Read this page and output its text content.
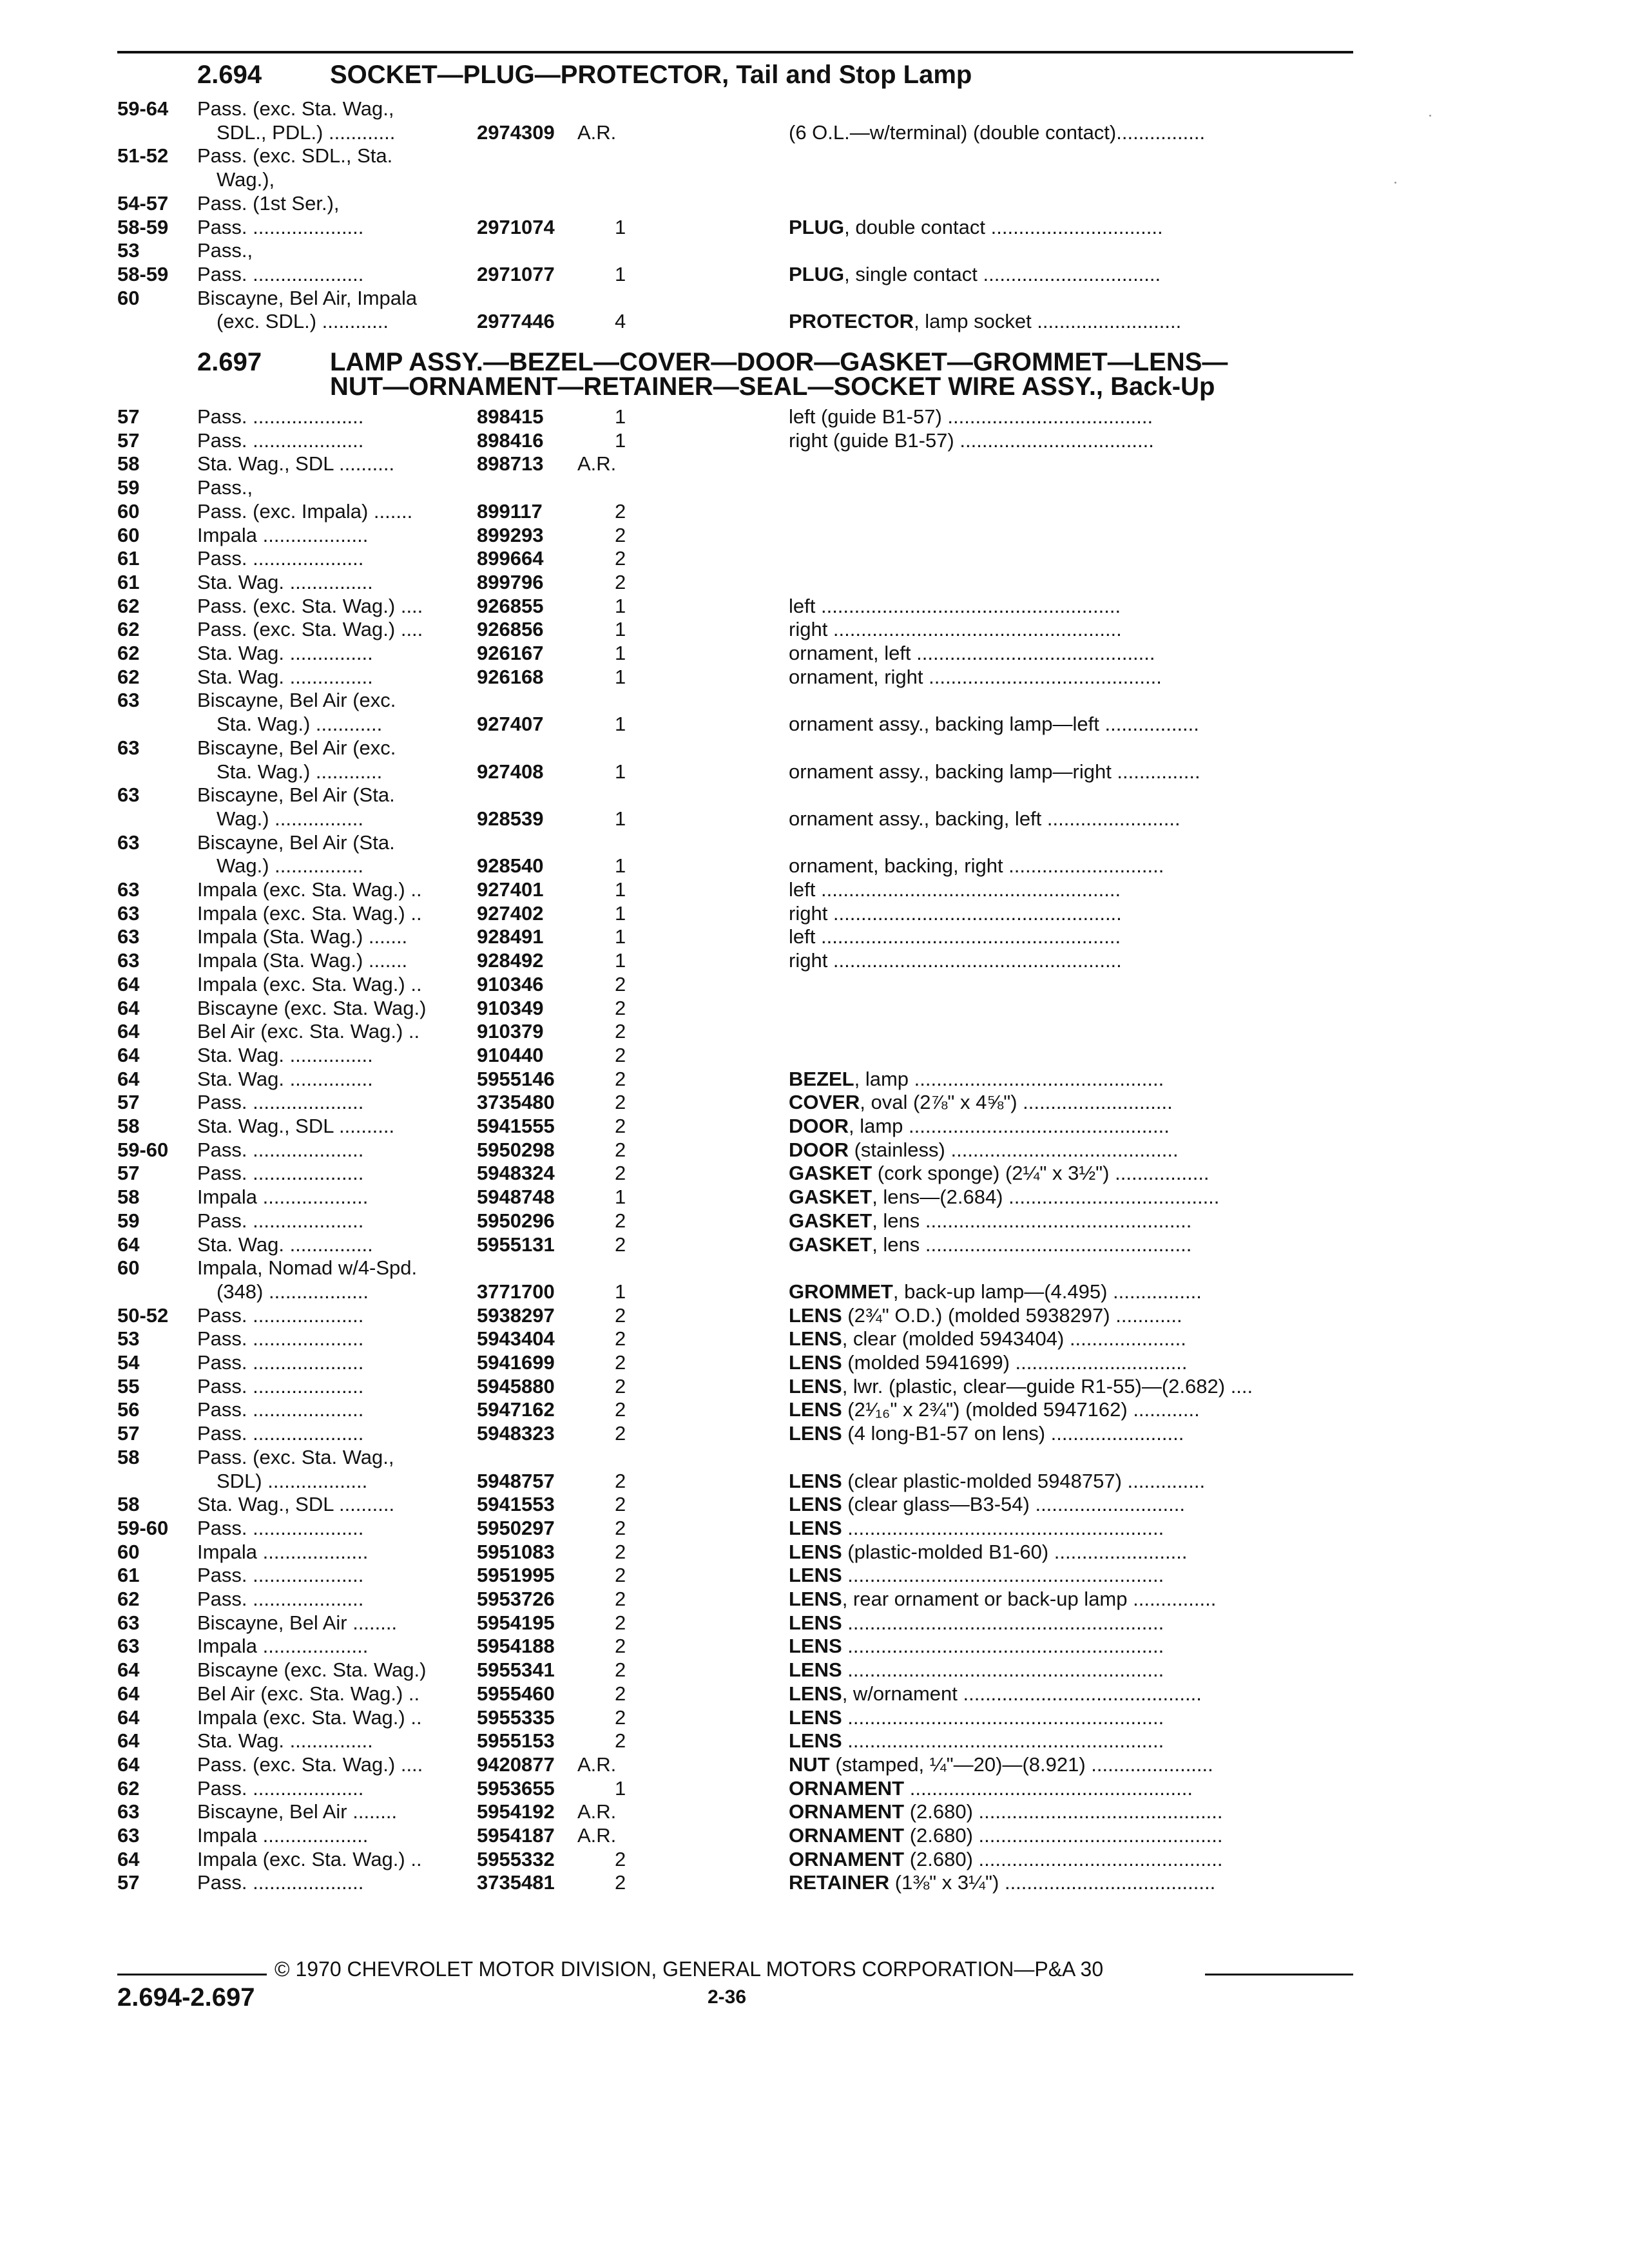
2.694	SOCKET—PLUG—PROTECTOR, Tail and Stop Lamp
2.697	LAMP ASSY.—BEZEL—COVER—DOOR—GASKET—GROMMET—LENS—
NUT—ORNAMENT—RETAINER—SEAL—SOCKET WIRE ASSY., Back-Up
59-64	Pass. (exc. Sta. Wag.,
SDL., PDL.) ............	2974309 A.R.	(6 O.L.—w/terminal) (double contact)................
51-52	Pass. (exc. SDL., Sta.
Wag.),
54-57	Pass. (1st Ser.),
58-59	Pass. ....................	2971074	1	PLUG, double contact ...............................
53	Pass.,
58-59	Pass. ....................	2971077	1	PLUG, single contact ................................
60	Biscayne, Bel Air, Impala
(exc. SDL.) ............	2977446	4	PROTECTOR, lamp socket ..........................
57	Pass. ....................	898415	1	left (guide B1-57) .....................................
57	Pass. ....................	898416	1	right (guide B1-57) ...................................
58	Sta. Wag., SDL ..........	898713 A.R.
59	Pass.,
60	Pass. (exc. Impala) .......	899117	2
60	Impala ...................	899293	2
61	Pass. ....................	899664	2
61	Sta. Wag. ...............	899796	2
62	Pass. (exc. Sta. Wag.) ....	926855	1	left ......................................................
62	Pass. (exc. Sta. Wag.) ....	926856	1	right ....................................................
62	Sta. Wag. ...............	926167	1	ornament, left ...........................................
62	Sta. Wag. ...............	926168	1	ornament, right ..........................................
63	Biscayne, Bel Air (exc.
Sta. Wag.) ............	927407	1	ornament assy., backing lamp—left .................
63	Biscayne, Bel Air (exc.
Sta. Wag.) ............	927408	1	ornament assy., backing lamp—right ...............
63	Biscayne, Bel Air (Sta.
Wag.) ................	928539	1	ornament assy., backing, left ........................
63	Biscayne, Bel Air (Sta.
Wag.) ................	928540	1	ornament, backing, right ............................
63	Impala (exc. Sta. Wag.) ..	927401	1	left ......................................................
63	Impala (exc. Sta. Wag.) ..	927402	1	right ....................................................
63	Impala (Sta. Wag.) .......	928491	1	left ......................................................
63	Impala (Sta. Wag.) .......	928492	1	right ....................................................
64	Impala (exc. Sta. Wag.) ..	910346	2
64	Biscayne (exc. Sta. Wag.)	910349	2
64	Bel Air (exc. Sta. Wag.) ..	910379	2
64	Sta. Wag. ...............	910440	2
64	Sta. Wag. ...............	5955146	2	BEZEL, lamp .............................................
57	Pass. ....................	3735480	2	COVER, oval (2⅞" x 4⅝") ...........................
58	Sta. Wag., SDL ..........	5941555	2	DOOR, lamp ...............................................
59-60	Pass. ....................	5950298	2	DOOR (stainless) .........................................
57	Pass. ....................	5948324	2	GASKET (cork sponge) (2¼" x 3½") .................
58	Impala ...................	5948748	1	GASKET, lens—(2.684) ......................................
59	Pass. ....................	5950296	2	GASKET, lens ................................................
64	Sta. Wag. ...............	5955131	2	GASKET, lens ................................................
60	Impala, Nomad w/4-Spd.
(348) ..................	3771700	1	GROMMET, back-up lamp—(4.495) ................
50-52	Pass. ....................	5938297	2	LENS (2¾" O.D.) (molded 5938297) ............
53	Pass. ....................	5943404	2	LENS, clear (molded 5943404) .....................
54	Pass. ....................	5941699	2	LENS (molded 5941699) ...............................
55	Pass. ....................	5945880	2	LENS, lwr. (plastic, clear—guide R1-55)—(2.682) ....
56	Pass. ....................	5947162	2	LENS (2¹⁄₁₆" x 2¾") (molded 5947162) ............
57	Pass. ....................	5948323	2	LENS (4 long-B1-57 on lens) ........................
58	Pass. (exc. Sta. Wag.,
SDL) ..................	5948757	2	LENS (clear plastic-molded 5948757) ..............
58	Sta. Wag., SDL ..........	5941553	2	LENS (clear glass—B3-54) ...........................
59-60	Pass. ....................	5950297	2	LENS .........................................................
60	Impala ...................	5951083	2	LENS (plastic-molded B1-60) ........................
61	Pass. ....................	5951995	2	LENS .........................................................
62	Pass. ....................	5953726	2	LENS, rear ornament or back-up lamp ...............
63	Biscayne, Bel Air ........	5954195	2	LENS .........................................................
63	Impala ...................	5954188	2	LENS .........................................................
64	Biscayne (exc. Sta. Wag.)	5955341	2	LENS .........................................................
64	Bel Air (exc. Sta. Wag.) ..	5955460	2	LENS, w/ornament ...........................................
64	Impala (exc. Sta. Wag.) ..	5955335	2	LENS .........................................................
64	Sta. Wag. ...............	5955153	2	LENS .........................................................
64	Pass. (exc. Sta. Wag.) ....	9420877 A.R.	NUT (stamped, ¼"—20)—(8.921) ......................
62	Pass. ....................	5953655	1	ORNAMENT ...................................................
63	Biscayne, Bel Air ........	5954192 A.R.	ORNAMENT (2.680) ............................................
63	Impala ...................	5954187 A.R.	ORNAMENT (2.680) ............................................
64	Impala (exc. Sta. Wag.) ..	5955332	2	ORNAMENT (2.680) ............................................
57	Pass. ....................	3735481	2	RETAINER (1⅜" x 3¼") ......................................
© 1970 CHEVROLET MOTOR DIVISION, GENERAL MOTORS CORPORATION—P&A 30
2.694-2.697	2-36
